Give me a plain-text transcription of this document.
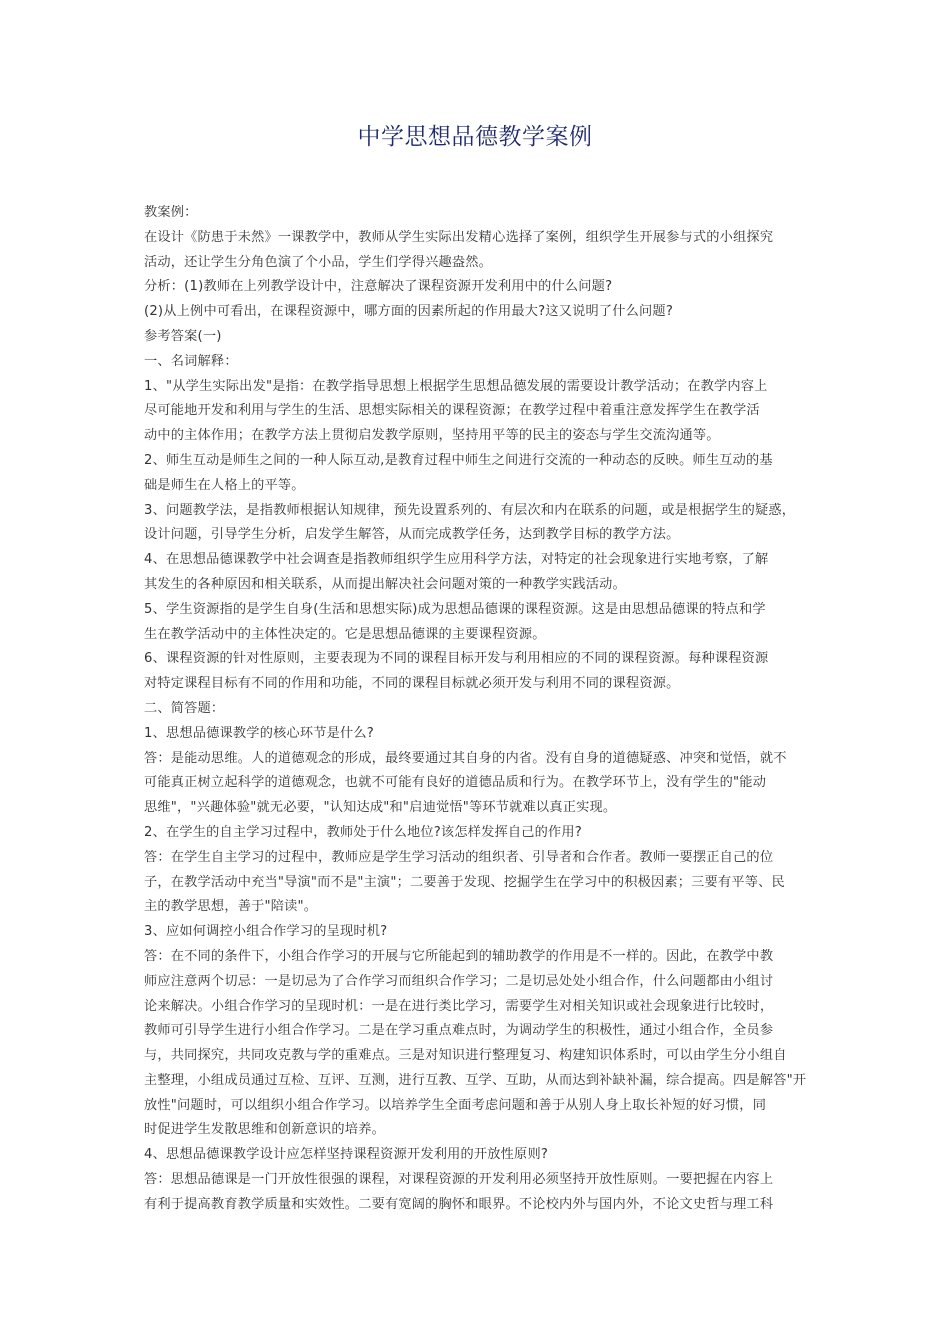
中学思想品德教学案例
教案例：
在设计《防患于未然》一课教学中，教师从学生实际出发精心选择了案例，组织学生开展参与式的小组探究
活动，还让学生分角色演了个小品，学生们学得兴趣盎然。
分析：(1)教师在上列教学设计中，注意解决了课程资源开发利用中的什么问题?
(2)从上例中可看出，在课程资源中，哪方面的因素所起的作用最大?这又说明了什么问题?
参考答案(一)
一、名词解释：
1、"从学生实际出发"是指：在教学指导思想上根据学生思想品德发展的需要设计教学活动；在教学内容上
尽可能地开发和利用与学生的生活、思想实际相关的课程资源；在教学过程中着重注意发挥学生在教学活
动中的主体作用；在教学方法上贯彻启发教学原则，坚持用平等的民主的姿态与学生交流沟通等。
2、师生互动是师生之间的一种人际互动,是教育过程中师生之间进行交流的一种动态的反映。师生互动的基
础是师生在人格上的平等。
3、问题教学法，是指教师根据认知规律，预先设置系列的、有层次和内在联系的问题，或是根据学生的疑惑，
设计问题，引导学生分析，启发学生解答，从而完成教学任务，达到教学目标的教学方法。
4、在思想品德课教学中社会调查是指教师组织学生应用科学方法，对特定的社会现象进行实地考察，了解
其发生的各种原因和相关联系，从而提出解决社会问题对策的一种教学实践活动。
5、学生资源指的是学生自身(生活和思想实际)成为思想品德课的课程资源。这是由思想品德课的特点和学
生在教学活动中的主体性决定的。它是思想品德课的主要课程资源。
6、课程资源的针对性原则，主要表现为不同的课程目标开发与利用相应的不同的课程资源。每种课程资源
对特定课程目标有不同的作用和功能，不同的课程目标就必须开发与利用不同的课程资源。
二、简答题：
1、思想品德课教学的核心环节是什么?
答：是能动思维。人的道德观念的形成，最终要通过其自身的内省。没有自身的道德疑惑、冲突和觉悟，就不
可能真正树立起科学的道德观念，也就不可能有良好的道德品质和行为。在教学环节上，没有学生的"能动
思维"，"兴趣体验"就无必要，"认知达成"和"启迪觉悟"等环节就难以真正实现。
2、在学生的自主学习过程中，教师处于什么地位?该怎样发挥自己的作用?
答：在学生自主学习的过程中，教师应是学生学习活动的组织者、引导者和合作者。教师一要摆正自己的位
子，在教学活动中充当"导演"而不是"主演"；二要善于发现、挖掘学生在学习中的积极因素；三要有平等、民
主的教学思想，善于"陪读"。
3、应如何调控小组合作学习的呈现时机?
答：在不同的条件下，小组合作学习的开展与它所能起到的辅助教学的作用是不一样的。因此，在教学中教
师应注意两个切忌：一是切忌为了合作学习而组织合作学习；二是切忌处处小组合作，什么问题都由小组讨
论来解决。小组合作学习的呈现时机：一是在进行类比学习，需要学生对相关知识或社会现象进行比较时，
教师可引导学生进行小组合作学习。二是在学习重点难点时，为调动学生的积极性，通过小组合作，全员参
与，共同探究，共同攻克教与学的重难点。三是对知识进行整理复习、构建知识体系时，可以由学生分小组自
主整理，小组成员通过互检、互评、互测，进行互教、互学、互助，从而达到补缺补漏，综合提高。四是解答"开
放性"问题时，可以组织小组合作学习。以培养学生全面考虑问题和善于从别人身上取长补短的好习惯，同
时促进学生发散思维和创新意识的培养。
4、思想品德课教学设计应怎样坚持课程资源开发利用的开放性原则?
答：思想品德课是一门开放性很强的课程，对课程资源的开发利用必须坚持开放性原则。一要把握在内容上
有利于提高教育教学质量和实效性。二要有宽阔的胸怀和眼界。不论校内外与国内外，不论文史哲与理工科
